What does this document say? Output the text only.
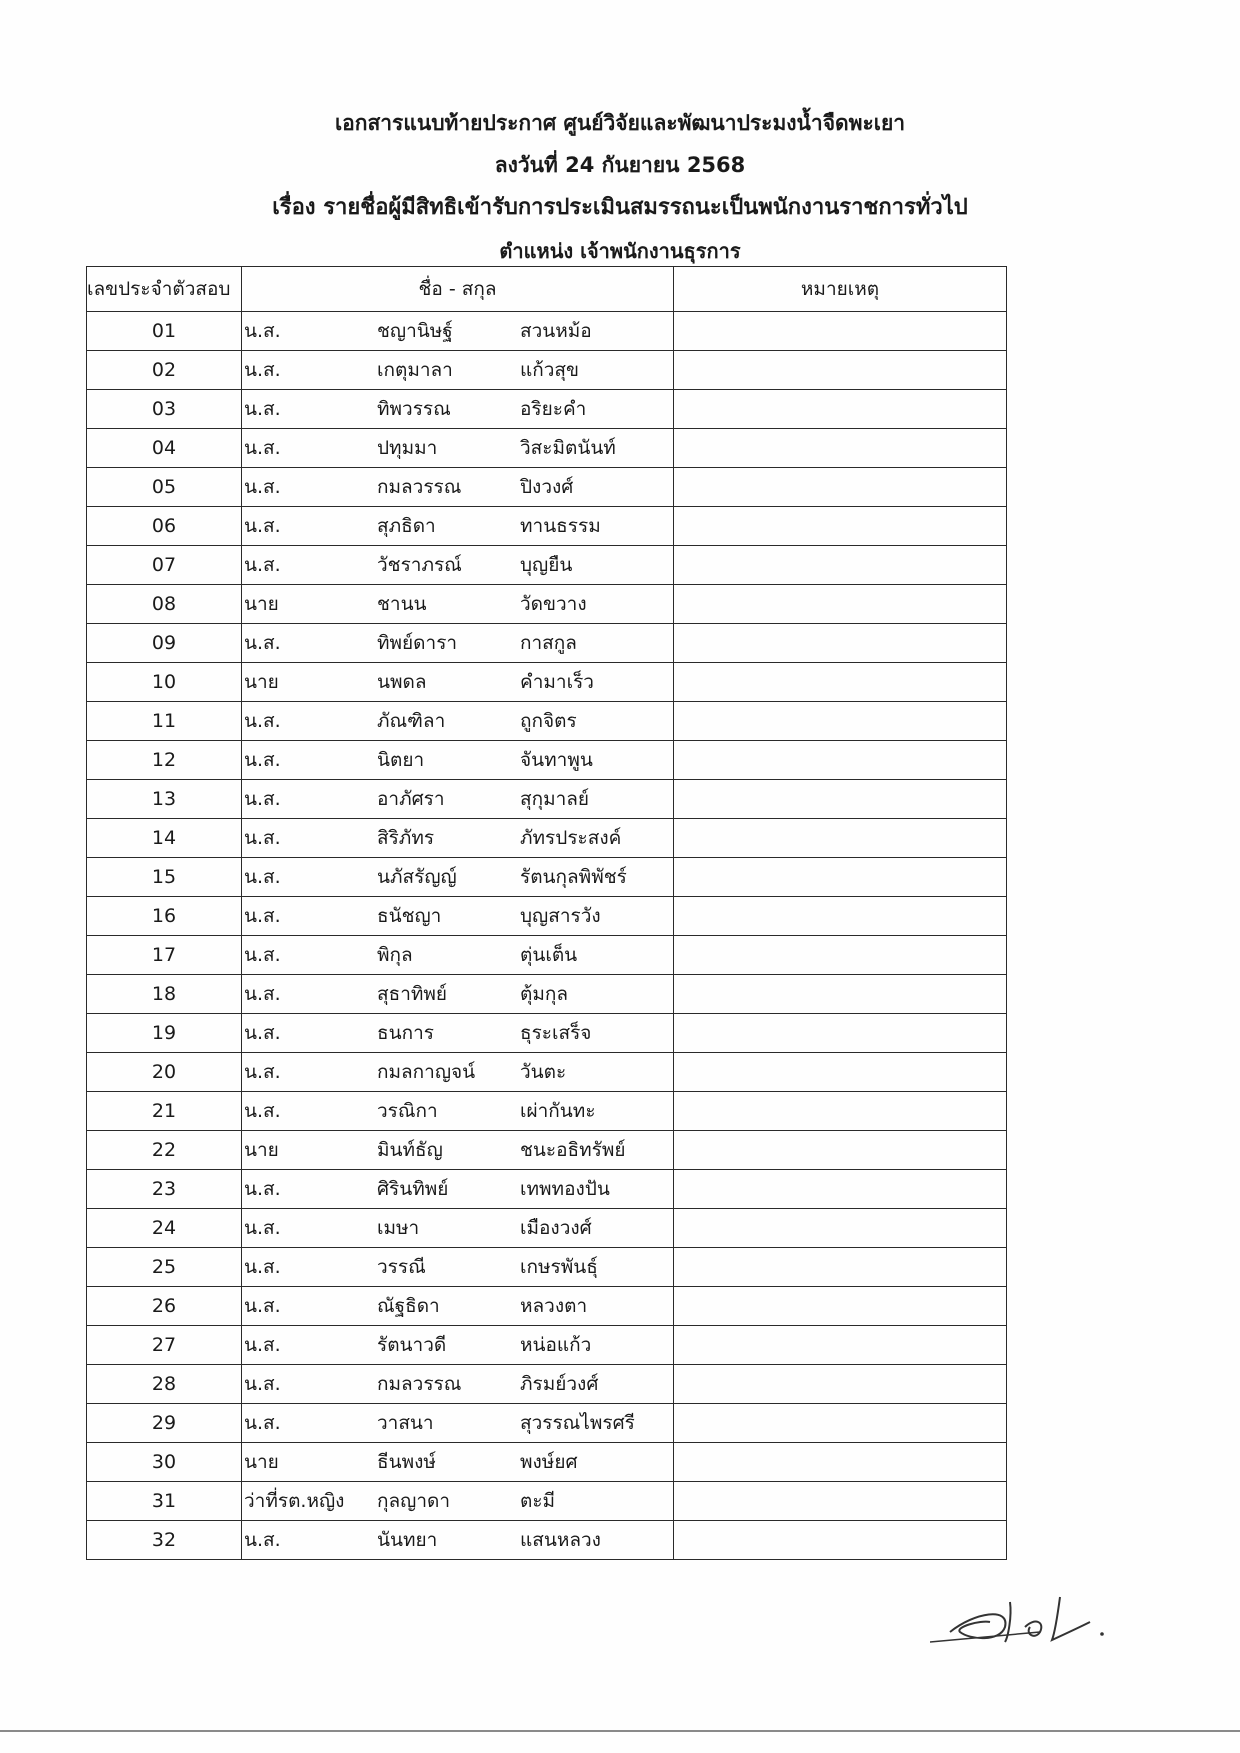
เอกสารแนบท้ายประกาศ ศูนย์วิจัยและพัฒนาประมงน้ำจืดพะเยา
ลงวันที่ 24 กันยายน 2568
เรื่อง รายชื่อผู้มีสิทธิเข้ารับการประเมินสมรรถนะเป็นพนักงานราชการทั่วไป
ตำแหน่ง เจ้าพนักงานธุรการ
เลขประจำตัวสอบ	ชื่อ - สกุล	หมายเหตุ
01	น.ส. ชญานิษฐ์ สวนหม้อ	

02	น.ส. เกตุมาลา แก้วสุข	

03	น.ส. ทิพวรรณ อริยะคำ	

04	น.ส. ปทุมมา วิสะมิตนันท์	

05	น.ส. กมลวรรณ ปิงวงศ์	

06	น.ส. สุภธิดา ทานธรรม	

07	น.ส. วัชราภรณ์ บุญยืน	

08	นาย ชานน วัดขวาง	

09	น.ส. ทิพย์ดารา กาสกูล	

10	นาย นพดล คำมาเร็ว	

11	น.ส. ภัณฑิลา ถูกจิตร	

12	น.ส. นิตยา จันทาพูน	

13	น.ส. อาภัศรา สุกุมาลย์	

14	น.ส. สิริภัทร ภัทรประสงค์	

15	น.ส. นภัสรัญญ์ รัตนกุลพิพัชร์	

16	น.ส. ธนัชญา บุญสารวัง	

17	น.ส. พิกุล ตุ่นเต็น	

18	น.ส. สุธาทิพย์ ตุ้มกุล	

19	น.ส. ธนการ ธุระเสร็จ	

20	น.ส. กมลกาญจน์ วันตะ	

21	น.ส. วรณิกา เผ่ากันทะ	

22	นาย มินท์ธัญ ชนะอธิทรัพย์	

23	น.ส. ศิรินทิพย์ เทพทองปัน	

24	น.ส. เมษา เมืองวงศ์	

25	น.ส. วรรณี เกษรพันธุ์	

26	น.ส. ณัฐธิดา หลวงตา	

27	น.ส. รัตนาวดี หน่อแก้ว	

28	น.ส. กมลวรรณ ภิรมย์วงศ์	

29	น.ส. วาสนา สุวรรณไพรศรี	

30	นาย ธีนพงษ์ พงษ์ยศ	

31	ว่าที่รต.หญิง กุลญาดา ตะมี	

32	น.ส. นันทยา แสนหลวง	
